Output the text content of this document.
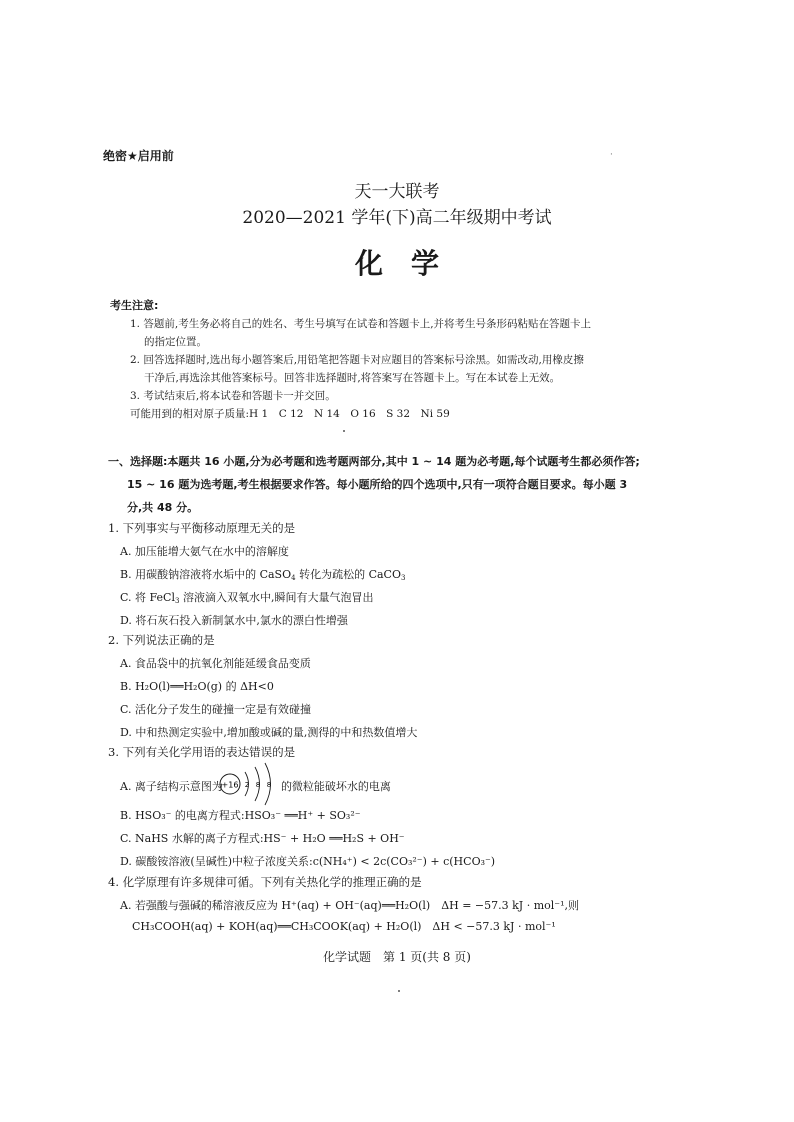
绝密★启用前	·
天一大联考
2020—2021 学年(下)高二年级期中考试
化学
考生注意:
1. 答题前,考生务必将自己的姓名、考生号填写在试卷和答题卡上,并将考生号条形码粘贴在答题卡上
的指定位置。
2. 回答选择题时,选出每小题答案后,用铅笔把答题卡对应题目的答案标号涂黑。如需改动,用橡皮擦
干净后,再选涂其他答案标号。回答非选择题时,将答案写在答题卡上。写在本试卷上无效。
3. 考试结束后,将本试卷和答题卡一并交回。
可能用到的相对原子质量:H 1　C 12　N 14　O 16　S 32　Ni 59
一、选择题:本题共 16 小题,分为必考题和选考题两部分,其中 1 ~ 14 题为必考题,每个试题考生都必须作答;
15 ~ 16 题为选考题,考生根据要求作答。每小题所给的四个选项中,只有一项符合题目要求。每小题 3
分,共 48 分。
1. 下列事实与平衡移动原理无关的是
A. 加压能增大氨气在水中的溶解度
B. 用碳酸钠溶液将水垢中的 CaSO$_4$ 转化为疏松的 CaCO$_3$
C. 将 FeCl$_3$ 溶液滴入双氧水中,瞬间有大量气泡冒出
D. 将石灰石投入新制氯水中,氯水的漂白性增强
2. 下列说法正确的是
A. 食品袋中的抗氧化剂能延缓食品变质
B. H₂O(l)══H₂O(g) 的 ΔH<0
C. 活化分子发生的碰撞一定是有效碰撞
D. 中和热测定实验中,增加酸或碱的量,测得的中和热数值增大
3. 下列有关化学用语的表达错误的是
A. 离子结构示意图为	的微粒能破坏水的电离
+16 2 8 8
B. HSO₃⁻ 的电离方程式:HSO₃⁻ ══H⁺ + SO₃²⁻
C. NaHS 水解的离子方程式:HS⁻ + H₂O ══H₂S + OH⁻
D. 碳酸铵溶液(呈碱性)中粒子浓度关系:c(NH₄⁺) < 2c(CO₃²⁻) + c(HCO₃⁻)
4. 化学原理有许多规律可循。下列有关热化学的推理正确的是
A. 若强酸与强碱的稀溶液反应为 H⁺(aq) + OH⁻(aq)══H₂O(l)　ΔH = −57.3 kJ · mol⁻¹,则
CH₃COOH(aq) + KOH(aq)══CH₃COOK(aq) + H₂O(l)　ΔH < −57.3 kJ · mol⁻¹
化学试题　第 1 页(共 8 页)
